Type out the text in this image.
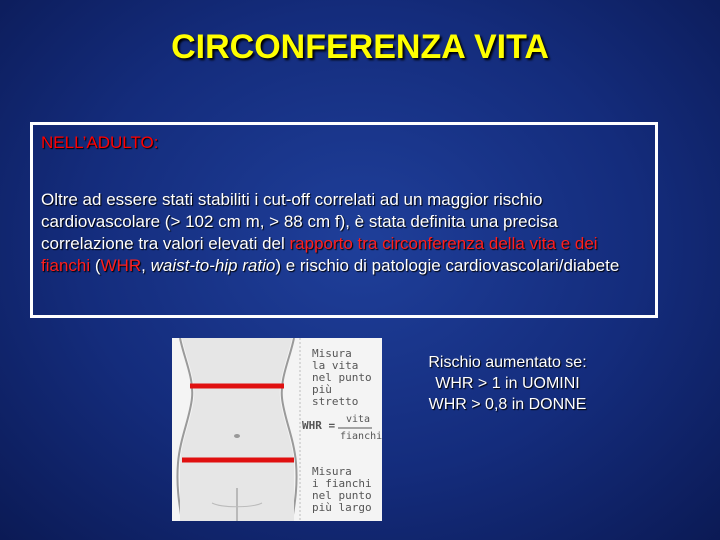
CIRCONFERENZA VITA

NELL’ADULTO:

Oltre ad essere stati stabiliti i cut-off correlati ad un maggior rischio cardiovascolare (> 102 cm m, > 88 cm f), è stata definita una precisa correlazione tra valori elevati del rapporto tra circonferenza della vita e dei fianchi (WHR, waist-to-hip ratio) e rischio di patologie cardiovascolari/diabete

Misura
la vita
nel punto
più stretto

WHR = vita

fianchi

Misura
i fianchi
nel punto
più largo

Rischio aumentato se:
WHR > 1 in UOMINI
WHR > 0,8 in DONNE
